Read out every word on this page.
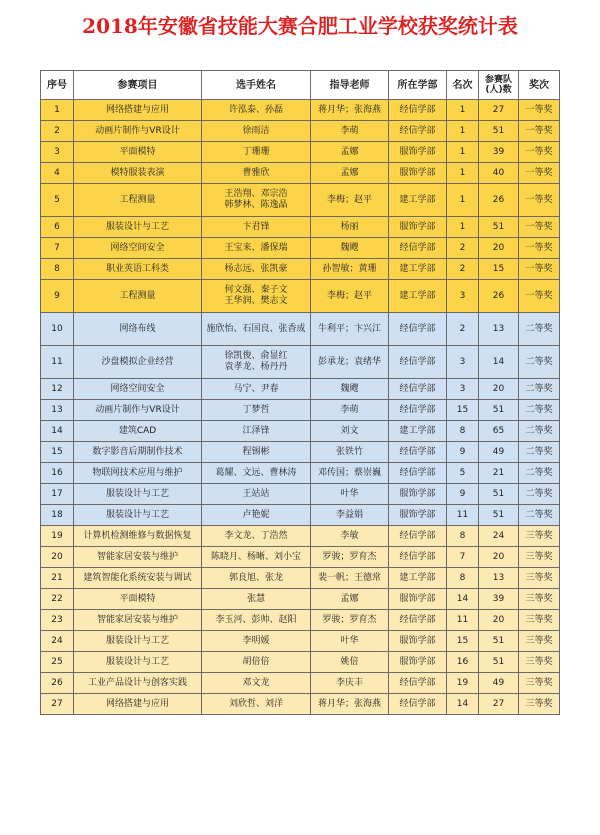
2018年安徽省技能大赛合肥工业学校获奖统计表
序号	参赛项目	选手姓名	指导老师	所在学部	名次	参赛队(人)数	奖次
1	网络搭建与应用	许泓泰、孙磊	蒋月华；张海燕	经信学部	1	27	一等奖
2	动画片制作与VR设计	徐雨洁	李萌	经信学部	1	51	一等奖
3	平面模特	丁珊珊	孟娜	服饰学部	1	39	一等奖
4	模特服装表演	曹雅欣	孟娜	服饰学部	1	40	一等奖
5	工程测量	王浩翔、邓宗浩
韩梦林、陈逸晶	李梅；赵平	建工学部	1	26	一等奖
6	服装设计与工艺	卞君锋	杨丽	服饰学部	1	51	一等奖
7	网络空间安全	王宝来、潘保瑞	魏飕	经信学部	2	20	一等奖
8	职业英语工科类	杨志远、张凯豪	孙智敏；黄珊	建工学部	2	15	一等奖
9	工程测量	何文强、秦子文
王华润、樊志文	李梅；赵平	建工学部	3	26	一等奖
10	网络布线	施欣怡、石国良、张香成	牛利平；卞兴江	经信学部	2	13	二等奖
11	沙盘模拟企业经营	徐凯俊、俞显红
袁孝龙、杨丹丹	彭承龙；袁绪华	经信学部	3	14	二等奖
12	网络空间安全	马宁、尹春	魏飕	经信学部	3	20	二等奖
13	动画片制作与VR设计	丁梦哲	李萌	经信学部	15	51	二等奖
14	建筑CAD	江泽锋	刘文	建工学部	8	65	二等奖
15	数字影音后期制作技术	程锡彬	张铁竹	经信学部	9	49	二等奖
16	物联网技术应用与维护	葛耀、文远、曹林涛	邓传国；蔡崇巍	经信学部	5	21	二等奖
17	服装设计与工艺	王站站	叶华	服饰学部	9	51	二等奖
18	服装设计与工艺	卢艳妮	李益娟	服饰学部	11	51	二等奖
19	计算机检测维修与数据恢复	李文龙、丁浩然	李敏	经信学部	8	24	三等奖
20	智能家居安装与维护	陈晓月、杨晰、刘小宝	罗骏；罗育杰	经信学部	7	20	三等奖
21	建筑智能化系统安装与调试	郭良旭、张龙	裴一帆；王德常	建工学部	8	13	三等奖
22	平面模特	张慧	孟娜	服饰学部	14	39	三等奖
23	智能家居安装与维护	李玉河、彭帅、赵阳	罗骏；罗育杰	经信学部	11	20	三等奖
24	服装设计与工艺	李明媛	叶华	服饰学部	15	51	三等奖
25	服装设计与工艺	胡倍倍	姚倍	服饰学部	16	51	三等奖
26	工业产品设计与创客实践	邓文龙	李庆丰	经信学部	19	49	三等奖
27	网络搭建与应用	刘欣哲、刘洋	蒋月华；张海燕	经信学部	14	27	三等奖
